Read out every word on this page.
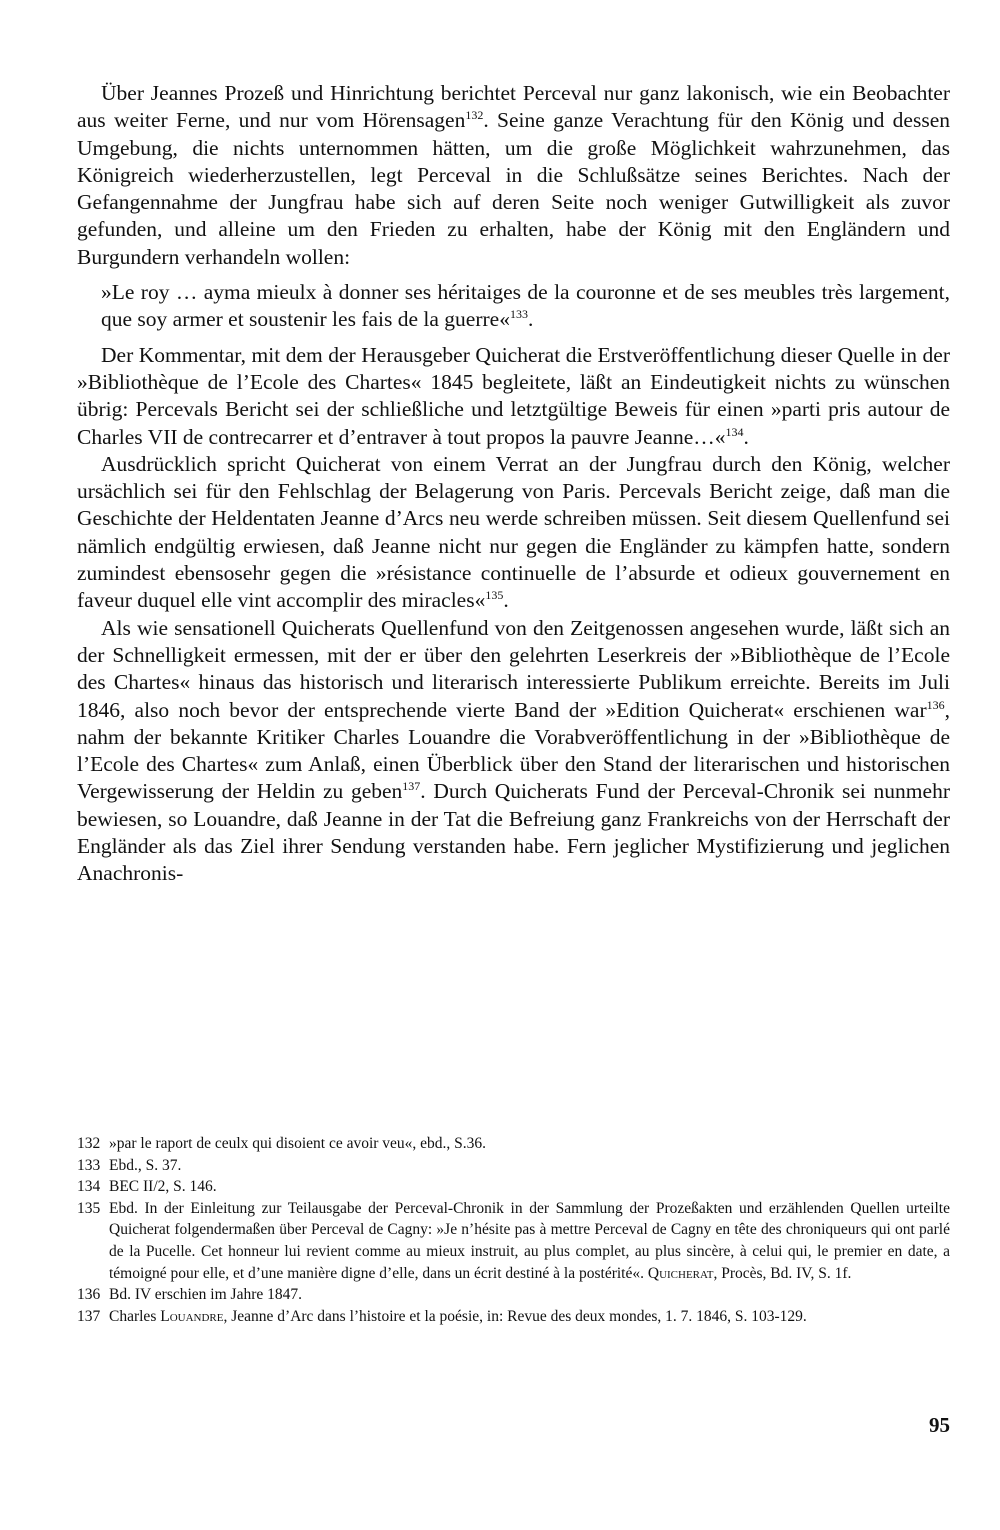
Über Jeannes Prozeß und Hinrichtung berichtet Perceval nur ganz lakonisch, wie ein Beobachter aus weiter Ferne, und nur vom Hörensagen$^{132}$. Seine ganze Verachtung für den König und dessen Umgebung, die nichts unternommen hätten, um die große Möglichkeit wahrzunehmen, das Königreich wiederherzustellen, legt Perceval in die Schlußsätze seines Berichtes. Nach der Gefangennahme der Jungfrau habe sich auf deren Seite noch weniger Gutwilligkeit als zuvor gefunden, und alleine um den Frieden zu erhalten, habe der König mit den Engländern und Burgundern verhandeln wollen:

»Le roy … ayma mieulx à donner ses héritaiges de la couronne et de ses meubles très largement, que soy armer et soustenir les fais de la guerre«$^{133}$.

Der Kommentar, mit dem der Herausgeber Quicherat die Erstveröffentlichung dieser Quelle in der »Bibliothèque de l’Ecole des Chartes« 1845 begleitete, läßt an Eindeutigkeit nichts zu wünschen übrig: Percevals Bericht sei der schließliche und letztgültige Beweis für einen »parti pris autour de Charles VII de contrecarrer et d’entraver à tout propos la pauvre Jeanne…«$^{134}$.

Ausdrücklich spricht Quicherat von einem Verrat an der Jungfrau durch den König, welcher ursächlich sei für den Fehlschlag der Belagerung von Paris. Percevals Bericht zeige, daß man die Geschichte der Heldentaten Jeanne d’Arcs neu werde schreiben müssen. Seit diesem Quellenfund sei nämlich endgültig erwiesen, daß Jeanne nicht nur gegen die Engländer zu kämpfen hatte, sondern zumindest ebensosehr gegen die »résistance continuelle de l’absurde et odieux gouvernement en faveur duquel elle vint accomplir des miracles«$^{135}$.

Als wie sensationell Quicherats Quellenfund von den Zeitgenossen angesehen wurde, läßt sich an der Schnelligkeit ermessen, mit der er über den gelehrten Leserkreis der »Bibliothèque de l’Ecole des Chartes« hinaus das historisch und literarisch interessierte Publikum erreichte. Bereits im Juli 1846, also noch bevor der entsprechende vierte Band der »Edition Quicherat« erschienen war$^{136}$, nahm der bekannte Kritiker Charles Louandre die Vorabveröffentlichung in der »Bibliothèque de l’Ecole des Chartes« zum Anlaß, einen Überblick über den Stand der literarischen und historischen Vergewisserung der Heldin zu geben$^{137}$. Durch Quicherats Fund der Perceval-Chronik sei nunmehr bewiesen, so Louandre, daß Jeanne in der Tat die Befreiung ganz Frankreichs von der Herrschaft der Engländer als das Ziel ihrer Sendung verstanden habe. Fern jeglicher Mystifizierung und jeglichen Anachronis-

132 »par le raport de ceulx qui disoient ce avoir veu«, ebd., S.36.

133 Ebd., S. 37.

134 BEC II/2, S. 146.

135 Ebd. In der Einleitung zur Teilausgabe der Perceval-Chronik in der Sammlung der Prozeßakten und erzählenden Quellen urteilte Quicherat folgendermaßen über Perceval de Cagny: »Je n’hésite pas à mettre Perceval de Cagny en tête des chroniqueurs qui ont parlé de la Pucelle. Cet honneur lui revient comme au mieux instruit, au plus complet, au plus sincère, à celui qui, le premier en date, a témoigné pour elle, et d’une manière digne d’elle, dans un écrit destiné à la postérité«. Quicherat, Procès, Bd. IV, S. 1f.

136 Bd. IV erschien im Jahre 1847.

137 Charles Louandre, Jeanne d’Arc dans l’histoire et la poésie, in: Revue des deux mondes, 1. 7. 1846, S. 103-129.

95
